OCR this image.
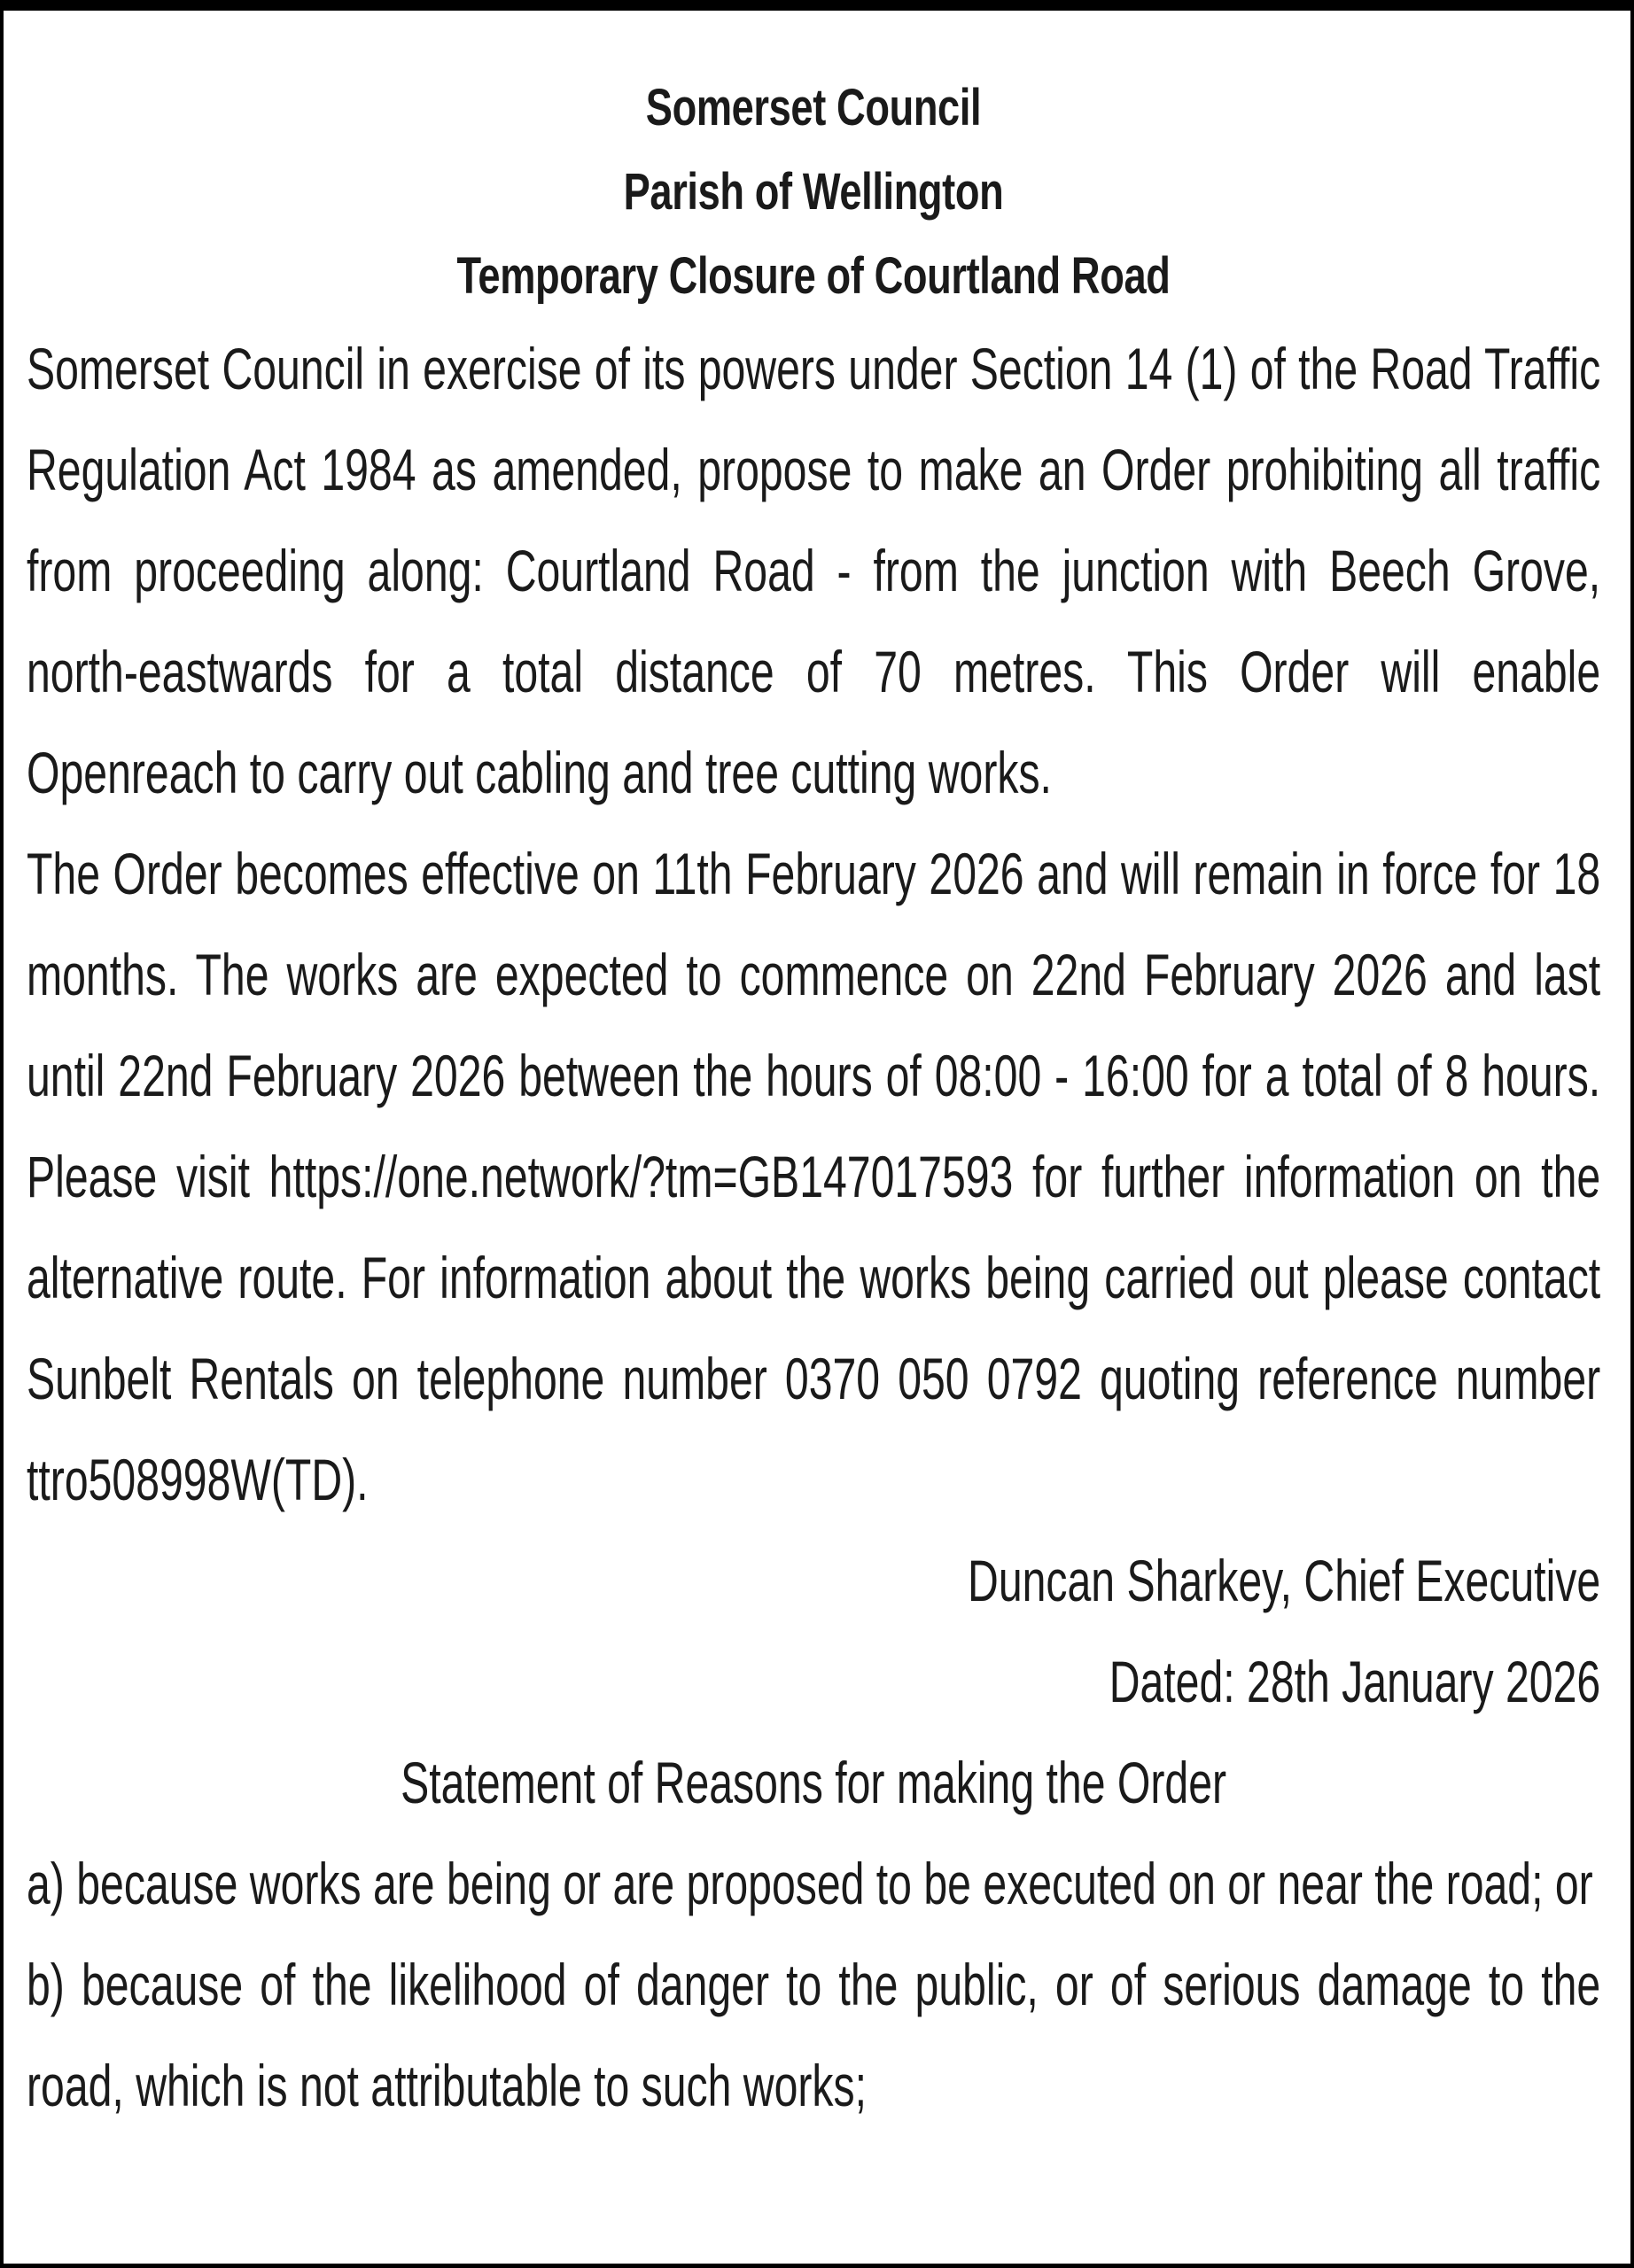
Somerset Council

Parish of Wellington

Temporary Closure of Courtland Road

Somerset Council in exercise of its powers under Section 14 (1) of the Road Traffic Regulation Act 1984 as amended, propose to make an Order prohibiting all traffic from proceeding along: Courtland Road - from the junction with Beech Grove, north-eastwards for a total distance of 70 metres. This Order will enable Openreach to carry out cabling and tree cutting works.

The Order becomes effective on 11th February 2026 and will remain in force for 18 months. The works are expected to commence on 22nd February 2026 and last until 22nd February 2026 between the hours of 08:00 - 16:00 for a total of 8 hours. Please visit https://one.network/?tm=GB147017593 for further information on the alternative route. For information about the works being carried out please contact Sunbelt Rentals on telephone number 0370 050 0792 quoting reference number ttro508998W(TD).

Duncan Sharkey, Chief Executive

Dated: 28th January 2026

Statement of Reasons for making the Order

a) because works are being or are proposed to be executed on or near the road; or

b) because of the likelihood of danger to the public, or of serious damage to the road, which is not attributable to such works;
